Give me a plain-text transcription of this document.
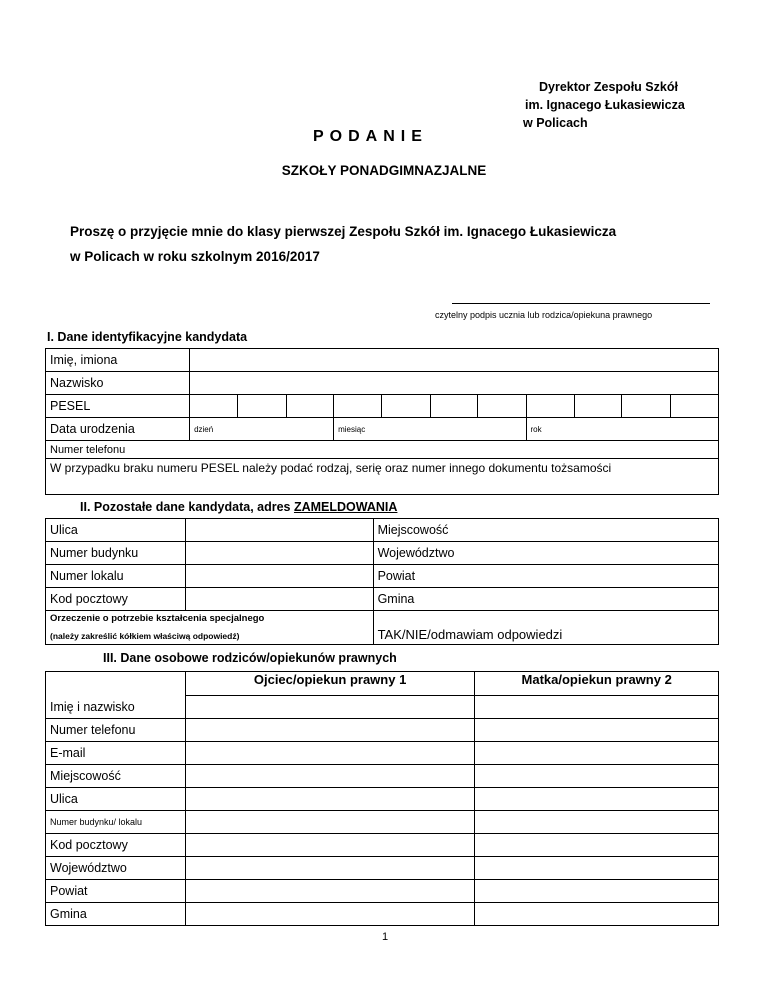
Dyrektor Zespołu Szkół
im. Ignacego Łukasiewicza
w Policach
PODANIE
SZKOŁY PONADGIMNAZJALNE
Proszę o przyjęcie mnie do klasy pierwszej Zespołu Szkół im. Ignacego Łukasiewicza
w Policach w roku szkolnym 2016/2017
czytelny podpis ucznia lub rodzica/opiekuna prawnego
I. Dane identyfikacyjne kandydata
Imię, imiona											
Nazwisko											
PESEL											
Data urodzenia	dzień			miesiąc				rok			
Numer telefonu											
W przypadku braku numeru PESEL należy podać rodzaj, serię oraz numer innego dokumentu tożsamości											
II. Pozostałe dane kandydata, adres ZAMELDOWANIA
Ulica		Miejscowość
Numer budynku		Województwo
Numer lokalu		Powiat
Kod pocztowy		Gmina

Orzeczenie o potrzebie kształcenia specjalnego
(należy zakreślić kółkiem właściwą odpowiedź)		TAK/NIE/odmawiam odpowiedzi
III. Dane osobowe rodziców/opiekunów prawnych
	Ojciec/opiekun prawny 1	Matka/opiekun prawny 2
Imię i nazwisko		
Numer telefonu		
E-mail		
Miejscowość		
Ulica		
Numer budynku/ lokalu		
Kod pocztowy		
Województwo		
Powiat		
Gmina		
1
